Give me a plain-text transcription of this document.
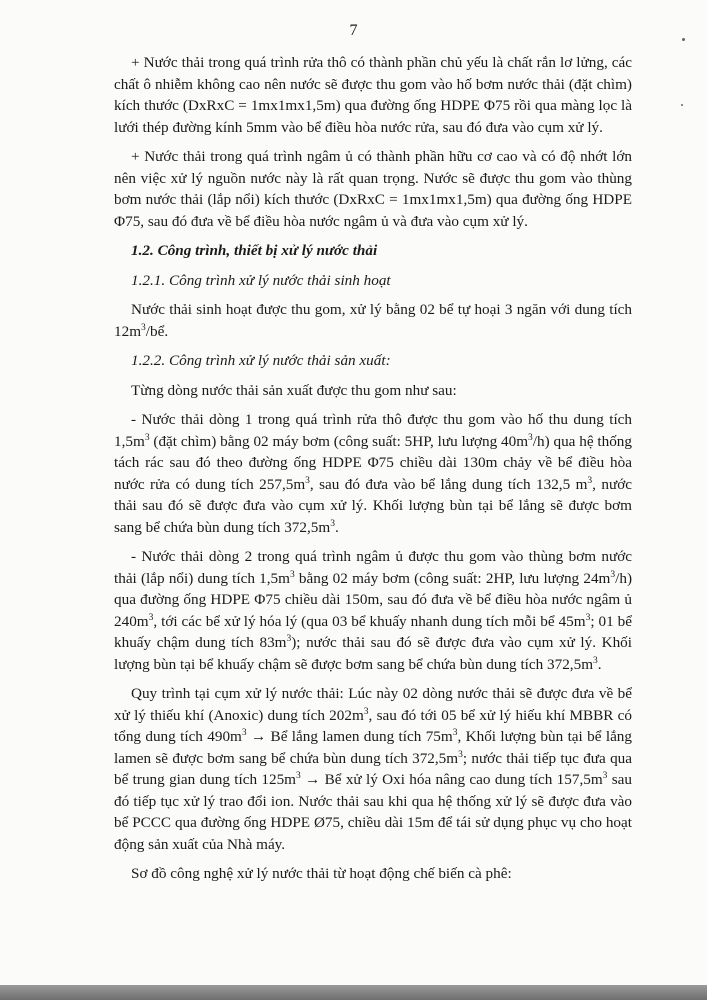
7

+ Nước thải trong quá trình rửa thô có thành phần chủ yếu là chất rắn lơ lửng, các chất ô nhiễm không cao nên nước sẽ được thu gom vào hố bơm nước thải (đặt chìm) kích thước (DxRxC = 1mx1mx1,5m) qua đường ống HDPE Φ75 rồi qua màng lọc là lưới thép đường kính 5mm vào bể điều hòa nước rửa, sau đó đưa vào cụm xử lý.

+ Nước thải trong quá trình ngâm ủ có thành phần hữu cơ cao và có độ nhớt lớn nên việc xử lý nguồn nước này là rất quan trọng. Nước sẽ được thu gom vào thùng bơm nước thải (lắp nổi) kích thước (DxRxC = 1mx1mx1,5m) qua đường ống HDPE Φ75, sau đó đưa về bể điều hòa nước ngâm ủ và đưa vào cụm xử lý.

1.2. Công trình, thiết bị xử lý nước thải

1.2.1. Công trình xử lý nước thải sinh hoạt

Nước thải sinh hoạt được thu gom, xử lý bằng 02 bể tự hoại 3 ngăn với dung tích $12m^3/bể$.

1.2.2. Công trình xử lý nước thải sản xuất:

Từng dòng nước thải sản xuất được thu gom như sau:

- Nước thải dòng 1 trong quá trình rửa thô được thu gom vào hố thu dung tích $1,5m^3$ (đặt chìm) bằng 02 máy bơm (công suất: 5HP, lưu lượng $40m^3/h$) qua hệ thống tách rác sau đó theo đường ống HDPE Φ75 chiều dài 130m chảy về bể điều hòa nước rửa có dung tích $257,5m^3$, sau đó đưa vào bể lắng dung tích 132,5 $m^3$, nước thải sau đó sẽ được đưa vào cụm xử lý. Khối lượng bùn tại bể lắng sẽ được bơm sang bể chứa bùn dung tích $372,5m^3$.

- Nước thải dòng 2 trong quá trình ngâm ủ được thu gom vào thùng bơm nước thải (lắp nổi) dung tích $1,5m^3$ bằng 02 máy bơm (công suất: 2HP, lưu lượng $24m^3/h$) qua đường ống HDPE Φ75 chiều dài 150m, sau đó đưa về bể điều hòa nước ngâm ủ $240m^3$, tới các bể xử lý hóa lý (qua 03 bể khuấy nhanh dung tích mỗi bể $45m^3$; 01 bể khuấy chậm dung tích $83m^3$); nước thải sau đó sẽ được đưa vào cụm xử lý. Khối lượng bùn tại bể khuấy chậm sẽ được bơm sang bể chứa bùn dung tích $372,5m^3$.

Quy trình tại cụm xử lý nước thải: Lúc này 02 dòng nước thải sẽ được đưa về bể xử lý thiếu khí (Anoxic) dung tích $202m^3$, sau đó tới 05 bể xử lý hiếu khí MBBR có tổng dung tích $490m^3$ → Bể lắng lamen dung tích $75m^3$, Khối lượng bùn tại bể lắng lamen sẽ được bơm sang bể chứa bùn dung tích $372,5m^3$; nước thải tiếp tục đưa qua bể trung gian dung tích $125m^3$ → Bể xử lý Oxi hóa nâng cao dung tích $157,5m^3$ sau đó tiếp tục xử lý trao đổi ion. Nước thải sau khi qua hệ thống xử lý sẽ được đưa vào bể PCCC qua đường ống HDPE Ø75, chiều dài 15m để tái sử dụng phục vụ cho hoạt động sản xuất của Nhà máy.

Sơ đồ công nghệ xử lý nước thải từ hoạt động chế biến cà phê:
